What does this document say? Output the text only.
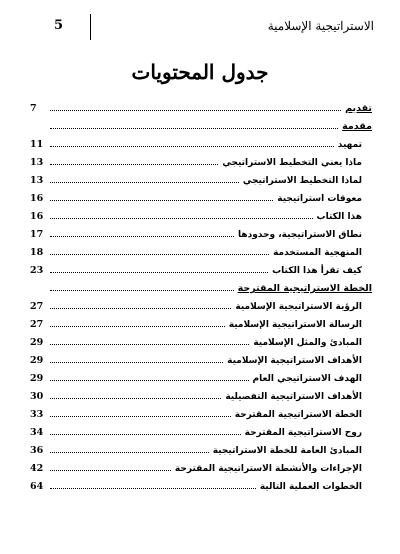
5	الاستراتيجية الإسلامية
جدول المحتويات
تقديم
7
مقدمة
تمهيد
11
ماذا يعني التخطيط الاستراتيجي
13
لماذا التخطيط الاستراتيجي
13
معوقات استراتيجية
16
هذا الكتاب
16
نطاق الاستراتيجية، وحدودها
17
المنهجية المستخدمة
18
كيف تقرأ هذا الكتاب
23
الخطة الاستراتيجية المقترحة
الرؤية الاستراتيجية الإسلامية
27
الرسالة الاستراتيجية الإسلامية
27
المبادئ والمثل الإسلامية
29
الأهداف الاستراتيجية الإسلامية
29
الهدف الاستراتيجي العام
29
الأهداف الاستراتيجية التفصيلية
30
الخطة الاستراتيجية المقترحة
33
روح الاستراتيجية المقترحة
34
المبادئ العامة للخطة الاستراتيجية
36
الإجراءات والأنشطة الاستراتيجية المقترحة
42
الخطوات العملية التالية
64
